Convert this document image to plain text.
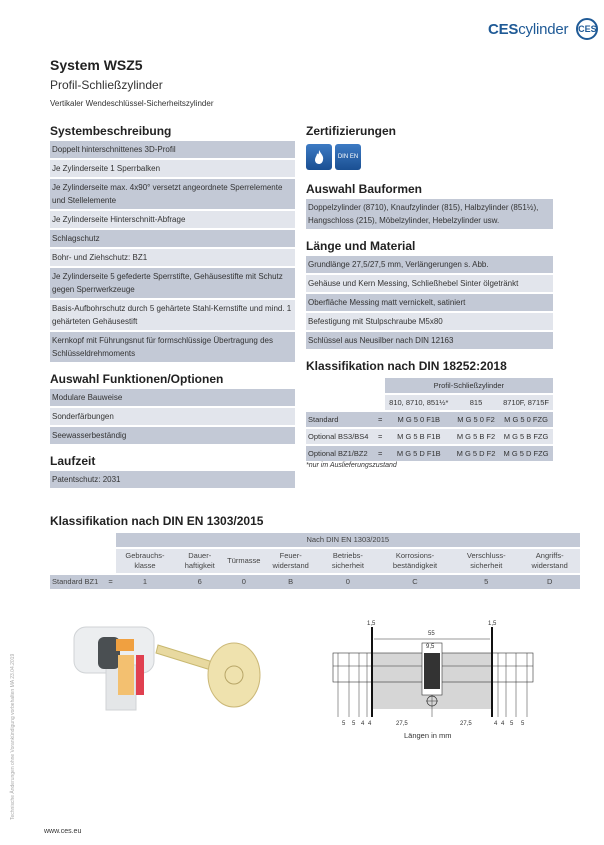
CEScylinder CES
System WSZ5
Profil-Schließzylinder
Vertikaler Wendeschlüssel-Sicherheitszylinder
Systembeschreibung
Doppelt hinterschnittenes 3D-Profil
Je Zylinderseite 1 Sperrbalken
Je Zylinderseite max. 4x90° versetzt angeordnete Sperrelemente und Stellelemente
Je Zylinderseite Hinterschnitt-Abfrage
Schlagschutz
Bohr- und Ziehschutz: BZ1
Je Zylinderseite 5 gefederte Sperrstifte, Gehäusestifte mit Schutz gegen Sperrwerkzeuge
Basis-Aufbohrschutz durch 5 gehärtete Stahl-Kernstifte und mind. 1 gehärteten Gehäusestift
Kernkopf mit Führungsnut für formschlüssige Übertragung des Schlüsseldrehmoments
Auswahl Funktionen/Optionen
Modulare Bauweise
Sonderfärbungen
Seewasserbeständig
Laufzeit
Patentschutz: 2031
Zertifizierungen
DIN EN
Auswahl Bauformen
Doppelzylinder (8710), Knaufzylinder (815), Halbzylinder (851½), Hangschloss (215), Möbelzylinder, Hebelzylinder usw.
Länge und Material
Grundlänge 27,5/27,5 mm, Verlängerungen s. Abb.
Gehäuse und Kern Messing, Schließhebel Sinter ölgetränkt
Oberfläche Messing matt vernickelt, satiniert
Befestigung mit Stulpschraube M5x80
Schlüssel aus Neusilber nach DIN 12163
Klassifikation nach DIN 18252:2018
		Profil-Schließzylinder		
		810, 8710, 851½*	815	8710F, 8715F
Standard	=	M G 5 0 F1B	M G 5 0 F2	M G 5 0 FZG
Optional BS3/BS4	=	M G 5 B F1B	M G 5 B F2	M G 5 B FZG
Optional BZ1/BZ2	=	M G 5 D F1B	M G 5 D F2	M G 5 D FZG
*nur im Auslieferungszustand
Klassifikation nach DIN EN 1303/2015
		Nach DIN EN 1303/2015							
		Gebrauchs-klasse	Dauer-haftigkeit	Türmasse	Feuer-widerstand	Betriebs-sicherheit	Korrosions-beständigkeit	Verschluss-sicherheit	Angriffs-widerstand
Standard BZ1	=	1	6	0	B	0	C	5	D
1,5
55
9,5
1,5
5 5 4 4	27,5	27,5	4 4 5 5
Längen in mm
Technische Änderungen ohne Vorankündigung vorbehalten MA 23.04.2019
www.ces.eu
